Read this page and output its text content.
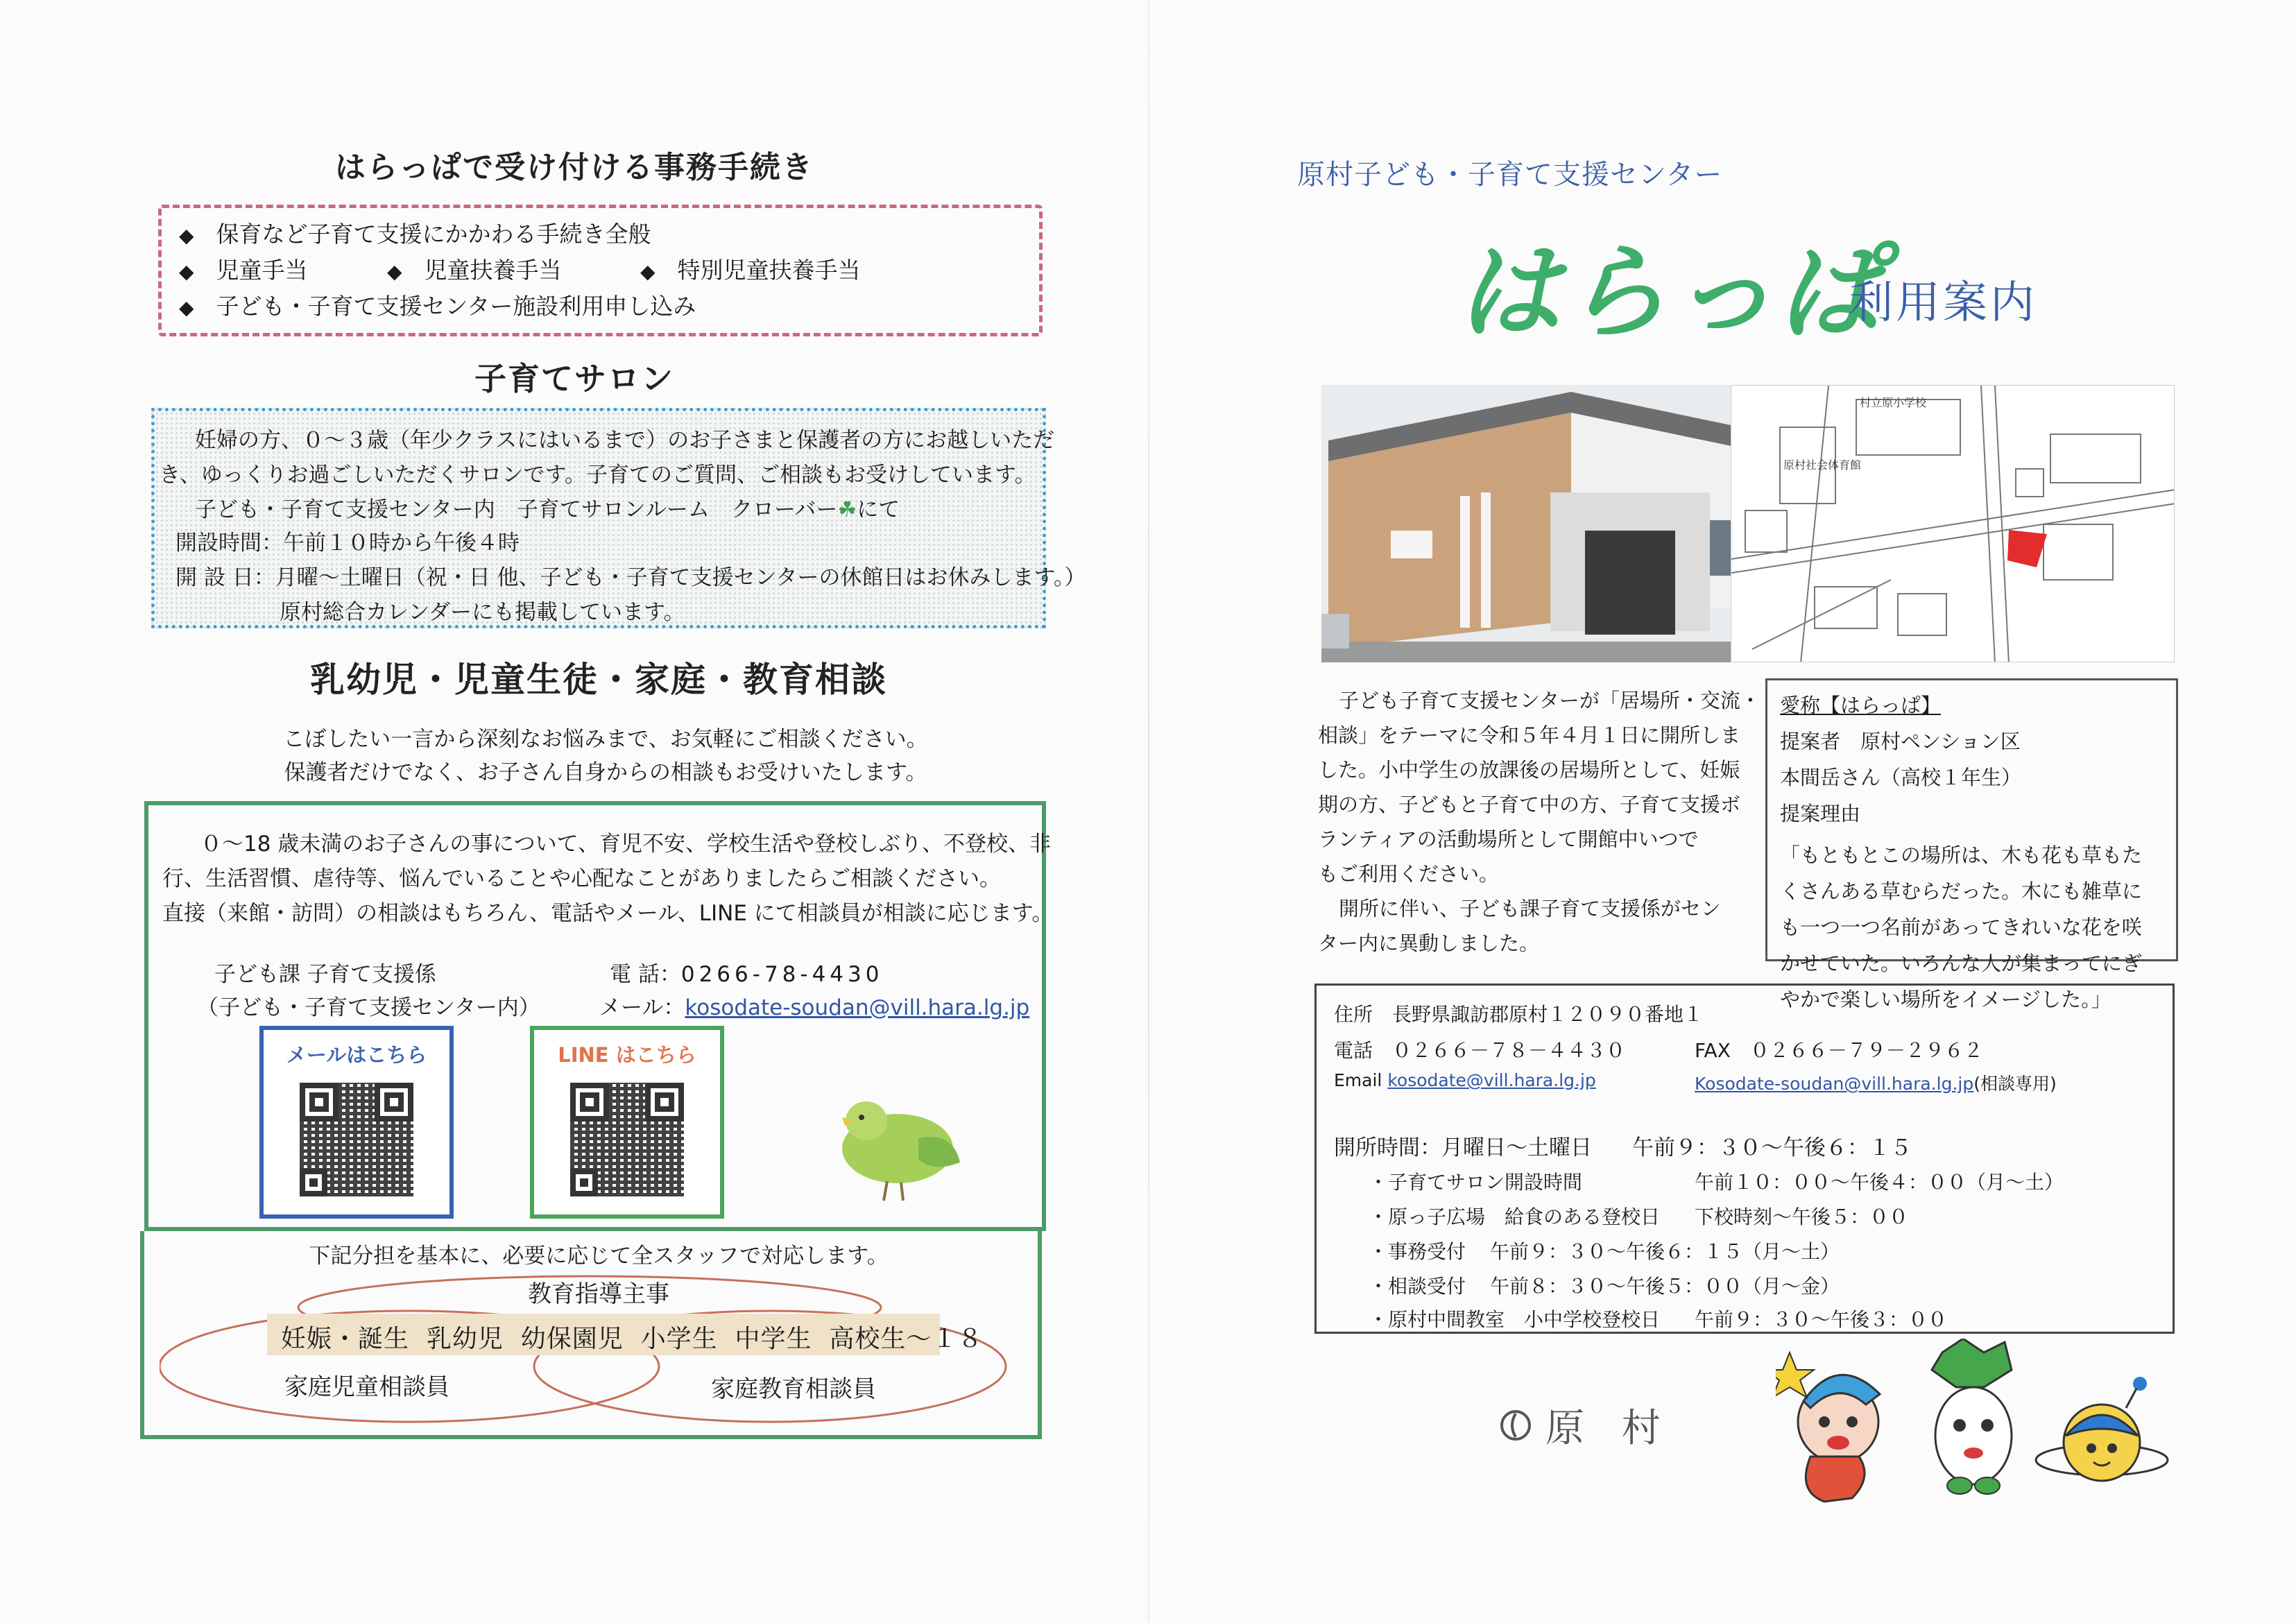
はらっぱで受け付ける事務手続き
◆ 保育など子育て支援にかかわる手続き全般
◆ 児童手当	◆ 児童扶養手当	◆ 特別児童扶養手当
◆ 子ども・子育て支援センター施設利用申し込み
子育てサロン

妊婦の方、０～３歳（年少クラスにはいるまで）のお子さまと保護者の方にお越しいただ

き、ゆっくりお過ごしいただくサロンです。子育てのご質問、ご相談もお受けしています。

子ども・子育て支援センター内　子育てサロンルーム　クローバー☘にて

開設時間：午前１０時から午後４時

開 設 日：月曜～土曜日（祝・日 他、子ども・子育て支援センターの休館日はお休みします。）

原村総合カレンダーにも掲載しています。

乳幼児・児童生徒・家庭・教育相談
こぼしたい一言から深刻なお悩みまで、お気軽にご相談ください。
保護者だけでなく、お子さん自身からの相談もお受けいたします。
０～18 歳未満のお子さんの事について、育児不安、学校生活や登校しぶり、不登校、非
行、生活習慣、虐待等、悩んでいることや心配なことがありましたらご相談ください。
直接（来館・訪問）の相談はもちろん、電話やメール、LINE にて相談員が相談に応じます。
子ども課 子育て支援係
（子ども・子育て支援センター内）
電 話：0266-78-4430
メール：kosodate-soudan@vill.hara.lg.jp
メールはこちら	LINE はこちら
下記分担を基本に、必要に応じて全スタッフで対応します。
教育指導主事
妊娠・誕生  乳幼児  幼保園児  小学生  中学生  高校生～１８
家庭児童相談員	家庭教育相談員
原村子ども・子育て支援センター
はらっぱ
利用案内
村立原小学校
原村社会体育館
子ども子育て支援センターが「居場所・交流・
相談」をテーマに令和５年４月１日に開所しま
した。小中学生の放課後の居場所として、妊娠
期の方、子どもと子育て中の方、子育て支援ボ
ランティアの活動場所として開館中いつで
もご利用ください。
開所に伴い、子ども課子育て支援係がセン
ター内に異動しました。
愛称【はらっぱ】
提案者　原村ペンション区
本間岳さん（高校１年生）
提案理由
「もともとこの場所は、木も花も草もた
くさんある草むらだった。木にも雑草に
も一つ一つ名前があってきれいな花を咲
かせていた。いろんな人が集まってにぎ
やかで楽しい場所をイメージした。」
住所　 長野県諏訪郡原村１２０９０番地１
電話　 ０２６６－７８－４４３０	FAX　 ０２６６－７９－２９６２
Email kosodate@vill.hara.lg.jp	Kosodate-soudan@vill.hara.lg.jp(相談専用)
開所時間：月曜日～土曜日 午前９：３０～午後６：１５
・子育てサロン開設時間	午前１０：００～午後４：００（月～土）
・原っ子広場　給食のある登校日 下校時刻～午後５：００
・事務受付 午前９：３０～午後６：１５（月～土）
・相談受付 午前８：３０～午後５：００（月～金）
・原村中間教室　小中学校登校日 午前９：３０～午後３：００
原 村
